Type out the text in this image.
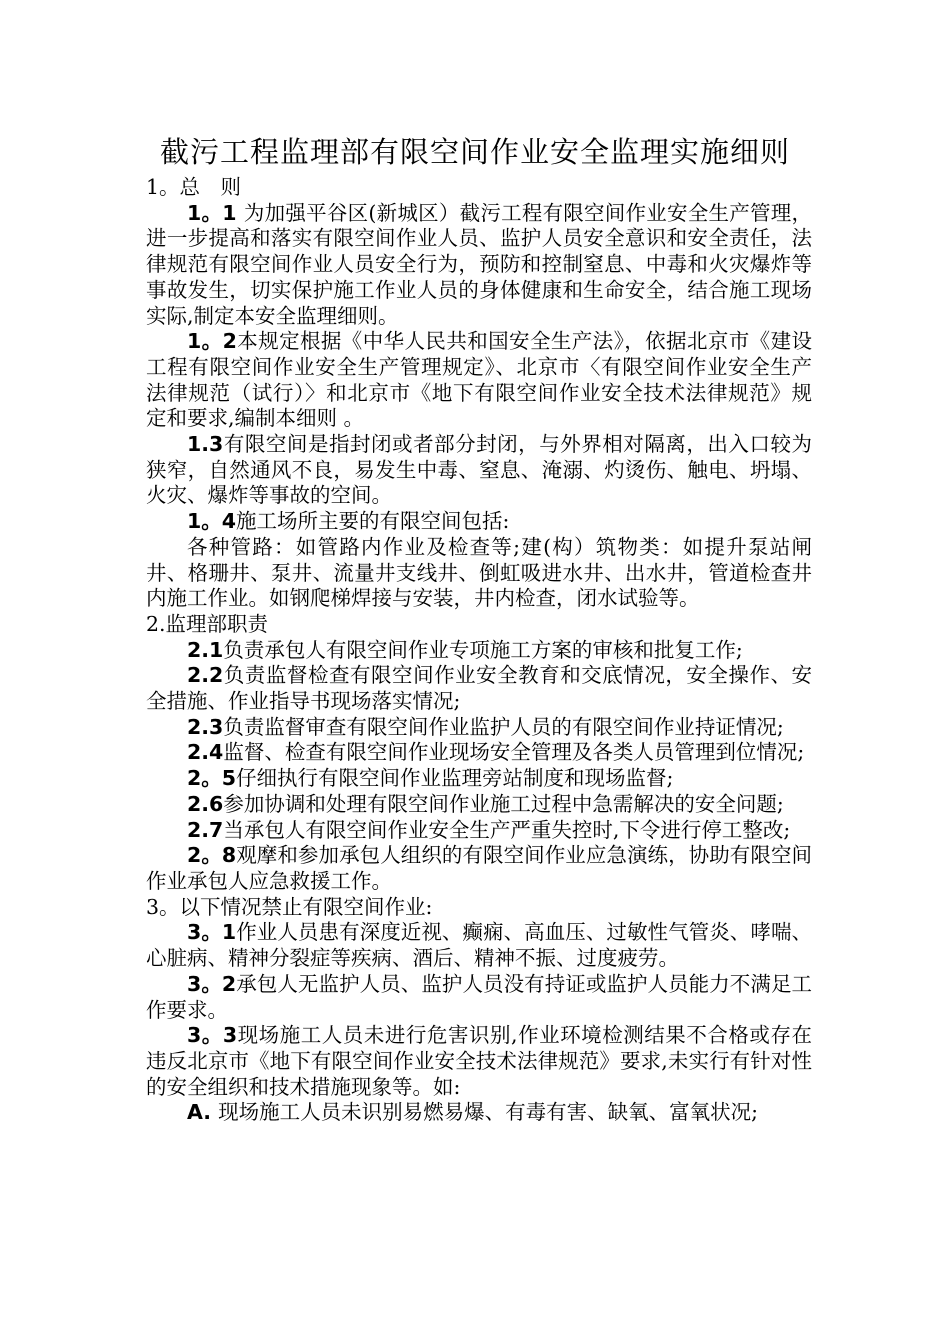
截污工程监理部有限空间作业安全监理实施细则

1。总　则

1。1 为加强平谷区(新城区）截污工程有限空间作业安全生产管理，进一步提高和落实有限空间作业人员、监护人员安全意识和安全责任，法律规范有限空间作业人员安全行为，预防和控制窒息、中毒和火灾爆炸等事故发生，切实保护施工作业人员的身体健康和生命安全，结合施工现场实际,制定本安全监理细则。

1。2本规定根据《中华人民共和国安全生产法》，依据北京市《建设工程有限空间作业安全生产管理规定》、北京市〈有限空间作业安全生产法律规范（试行）〉和北京市《地下有限空间作业安全技术法律规范》规定和要求,编制本细则 。

1.3有限空间是指封闭或者部分封闭，与外界相对隔离，出入口较为狭窄，自然通风不良，易发生中毒、窒息、淹溺、灼烫伤、触电、坍塌、火灾、爆炸等事故的空间。

1。4施工场所主要的有限空间包括:

各种管路：如管路内作业及检查等;建(构）筑物类：如提升泵站闸井、格珊井、泵井、流量井支线井、倒虹吸进水井、出水井，管道检查井内施工作业。如钢爬梯焊接与安装，井内检查，闭水试验等。

2.监理部职责

2.1负责承包人有限空间作业专项施工方案的审核和批复工作;

2.2负责监督检查有限空间作业安全教育和交底情况，安全操作、安全措施、作业指导书现场落实情况;

2.3负责监督审查有限空间作业监护人员的有限空间作业持证情况;

2.4监督、检查有限空间作业现场安全管理及各类人员管理到位情况;

2。5仔细执行有限空间作业监理旁站制度和现场监督;

2.6参加协调和处理有限空间作业施工过程中急需解决的安全问题;

2.7当承包人有限空间作业安全生产严重失控时,下令进行停工整改;

2。8观摩和参加承包人组织的有限空间作业应急演练，协助有限空间作业承包人应急救援工作。

3。以下情况禁止有限空间作业:

3。1作业人员患有深度近视、癫痫、高血压、过敏性气管炎、哮喘、心脏病、精神分裂症等疾病、酒后、精神不振、过度疲劳。

3。2承包人无监护人员、监护人员没有持证或监护人员能力不满足工作要求。

3。3现场施工人员未进行危害识别,作业环境检测结果不合格或存在违反北京市《地下有限空间作业安全技术法律规范》要求,未实行有针对性的安全组织和技术措施现象等。如:

A. 现场施工人员未识别易燃易爆、有毒有害、缺氧、富氧状况;
